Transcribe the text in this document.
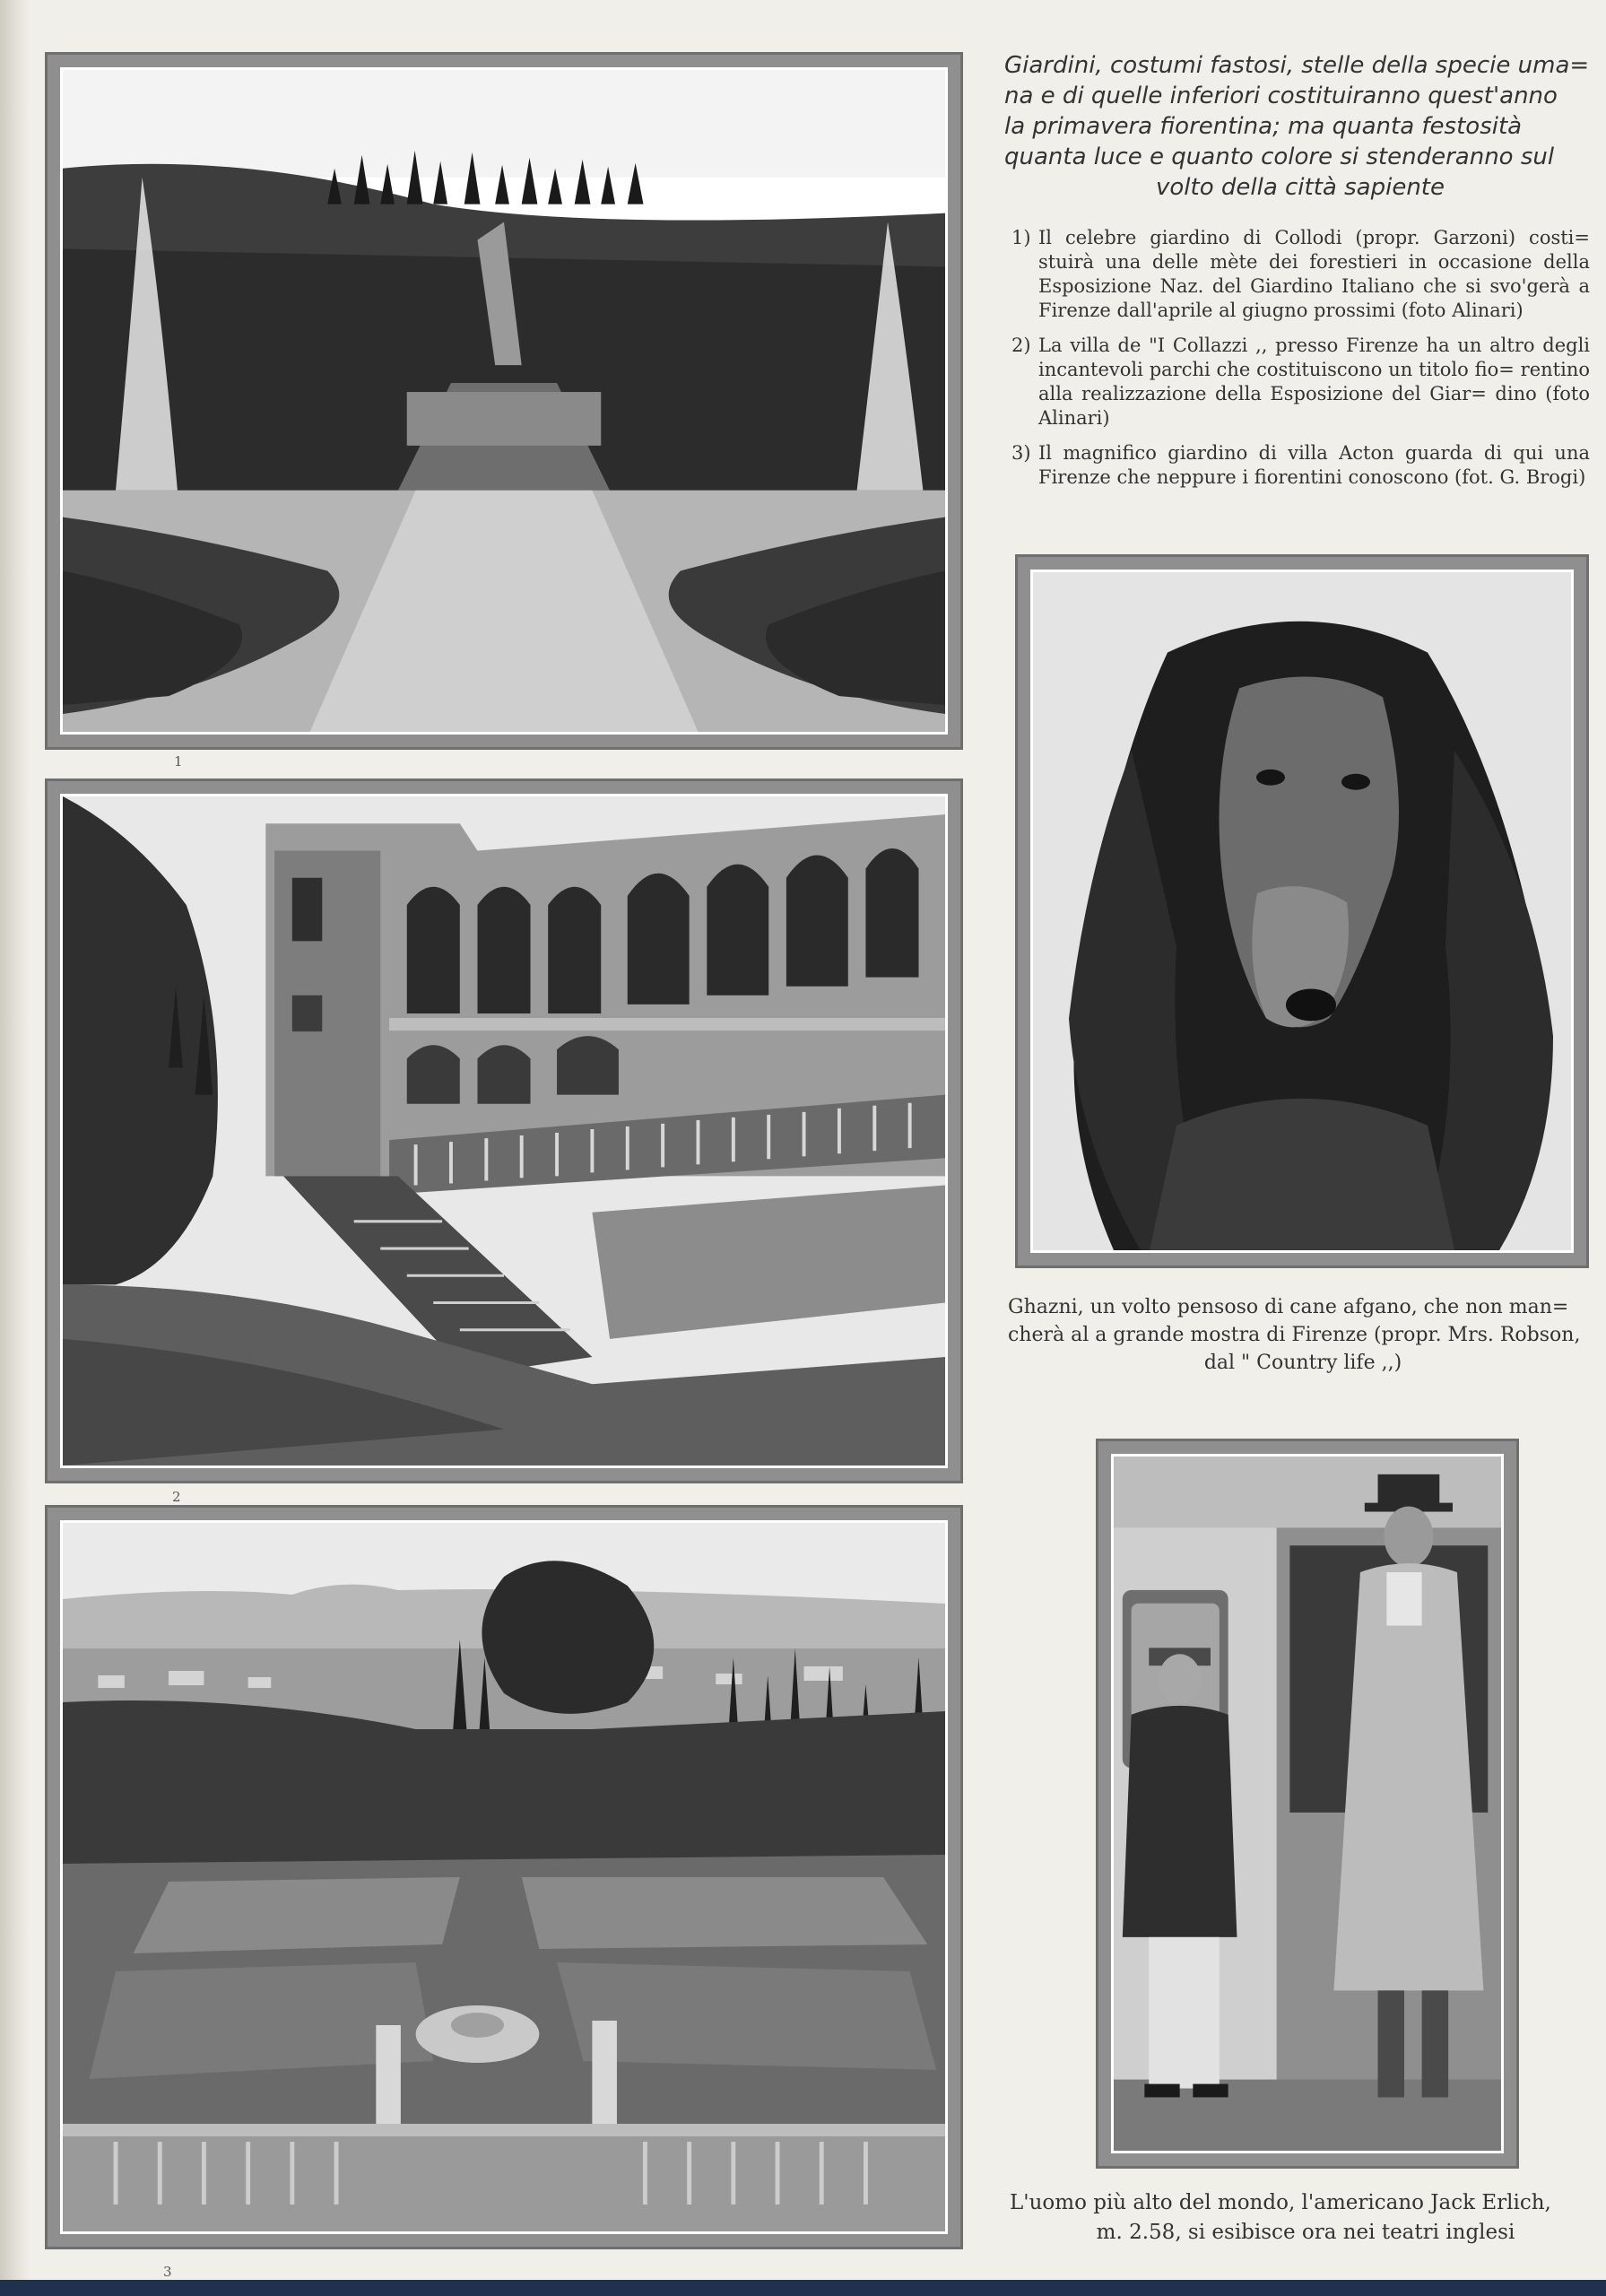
1
2
3
Giardini, costumi fastosi, stelle della specie uma=
na e di quelle inferiori costituiranno quest'anno
la primavera fiorentina; ma quanta festosità
quanta luce e quanto colore si stenderanno sul
volto della città sapiente
1) Il celebre giardino di Collodi (propr. Garzoni) costi= stuirà una delle mète dei forestieri in occasione della Esposizione Naz. del Giardino Italiano che si svo'gerà a Firenze dall'aprile al giugno prossimi (foto Alinari)
2) La villa de "I Collazzi ,, presso Firenze ha un altro degli incantevoli parchi che costituiscono un titolo fio= rentino alla realizzazione della Esposizione del Giar= dino (foto Alinari)
3) Il magnifico giardino di villa Acton guarda di qui una Firenze che neppure i fiorentini conoscono (fot. G. Brogi)
Ghazni, un volto pensoso di cane afgano, che non man=
cherà al a grande mostra di Firenze (propr. Mrs. Robson,
dal " Country life ,,)
L'uomo più alto del mondo, l'americano Jack Erlich,
m. 2.58, si esibisce ora nei teatri inglesi
